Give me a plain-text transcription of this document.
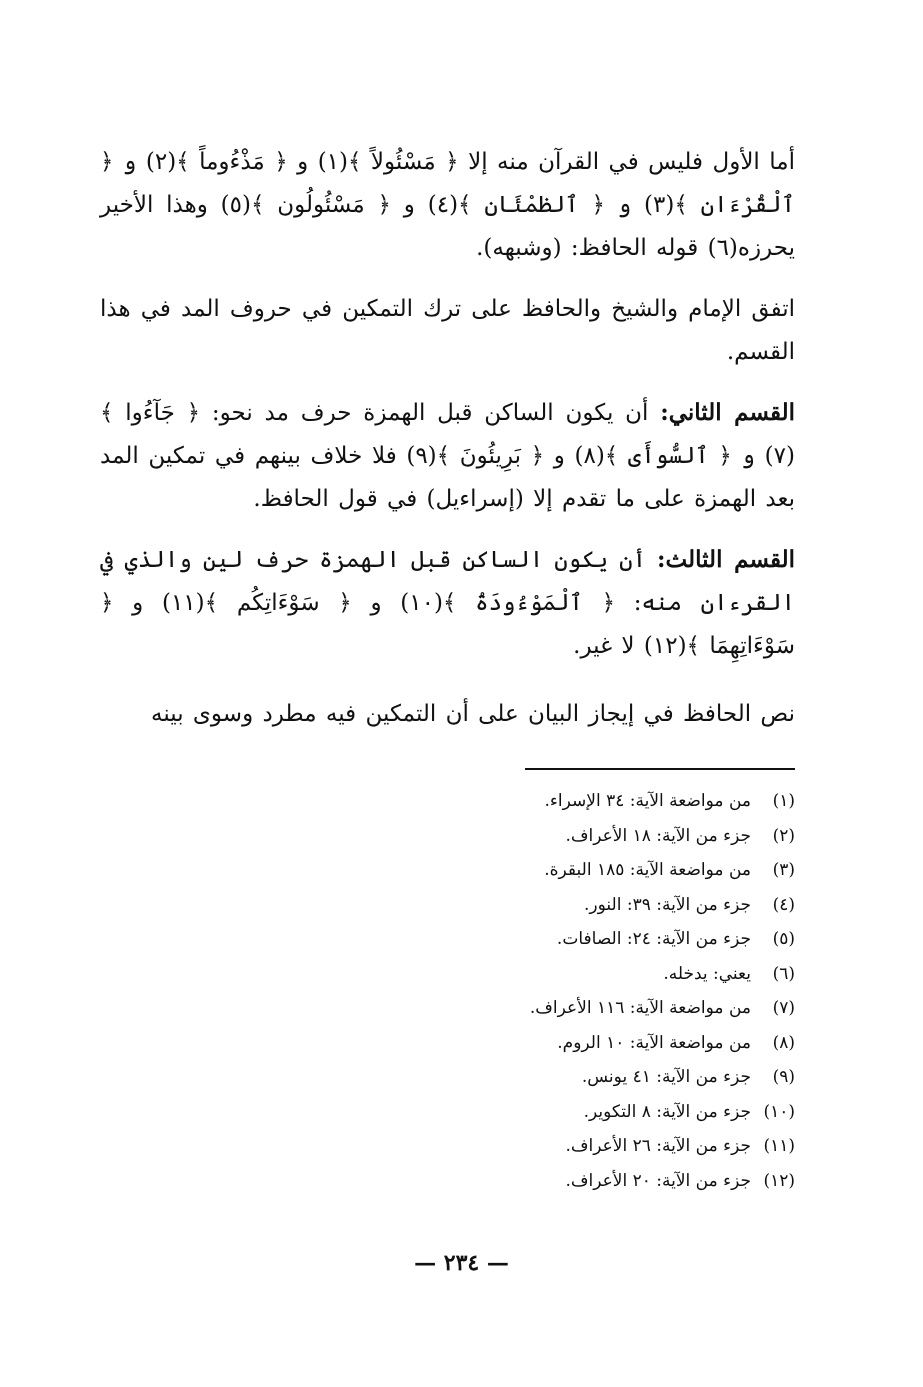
أما الأول فليس في القرآن منه إلا ﴿ مَسْئُولاً ﴾(١) و ﴿ مَذْءُوماً ﴾(٢) و ﴿ ٱلْقُرْءَان ﴾(٣) و ﴿ ٱلظمْئَان ﴾(٤) و ﴿ مَسْئُولُون ﴾(٥) وهذا الأخير يحرزه(٦) قوله الحافظ: (وشبهه).

اتفق الإمام والشيخ والحافظ على ترك التمكين في حروف المد في هذا القسم.

القسم الثاني: أن يكون الساكن قبل الهمزة حرف مد نحو: ﴿ جَآءُوا ﴾(٧) و ﴿ ٱلسُّوأَى ﴾(٨) و ﴿ بَرِيئُونَ ﴾(٩) فلا خلاف بينهم في تمكين المد بعد الهمزة على ما تقدم إلا (إسراءيل) في قول الحافظ.

القسم الثالث: أن يكون الساكن قبل الهمزة حرف لين والذي في القرءان منه: ﴿ ٱلْمَوْءُودَةُ ﴾(١٠) و ﴿ سَوْءَاتِكُم ﴾(١١) و ﴿ سَوْءَاتِهِمَا ﴾(١٢) لا غير.

نص الحافظ في إيجاز البيان على أن التمكين فيه مطرد وسوى بينه

(١)من مواضعة الآية: ٣٤ الإسراء.
(٢)جزء من الآية: ١٨ الأعراف.
(٣)من مواضعة الآية: ١٨٥ البقرة.
(٤)جزء من الآية: ٣٩: النور.
(٥)جزء من الآية: ٢٤: الصافات.
(٦)يعني: يدخله.
(٧)من مواضعة الآية: ١١٦ الأعراف.
(٨)من مواضعة الآية: ١٠ الروم.
(٩)جزء من الآية: ٤١ يونس.
(١٠)جزء من الآية: ٨ التكوير.
(١١)جزء من الآية: ٢٦ الأعراف.
(١٢)جزء من الآية: ٢٠ الأعراف.
— ٢٣٤ —
